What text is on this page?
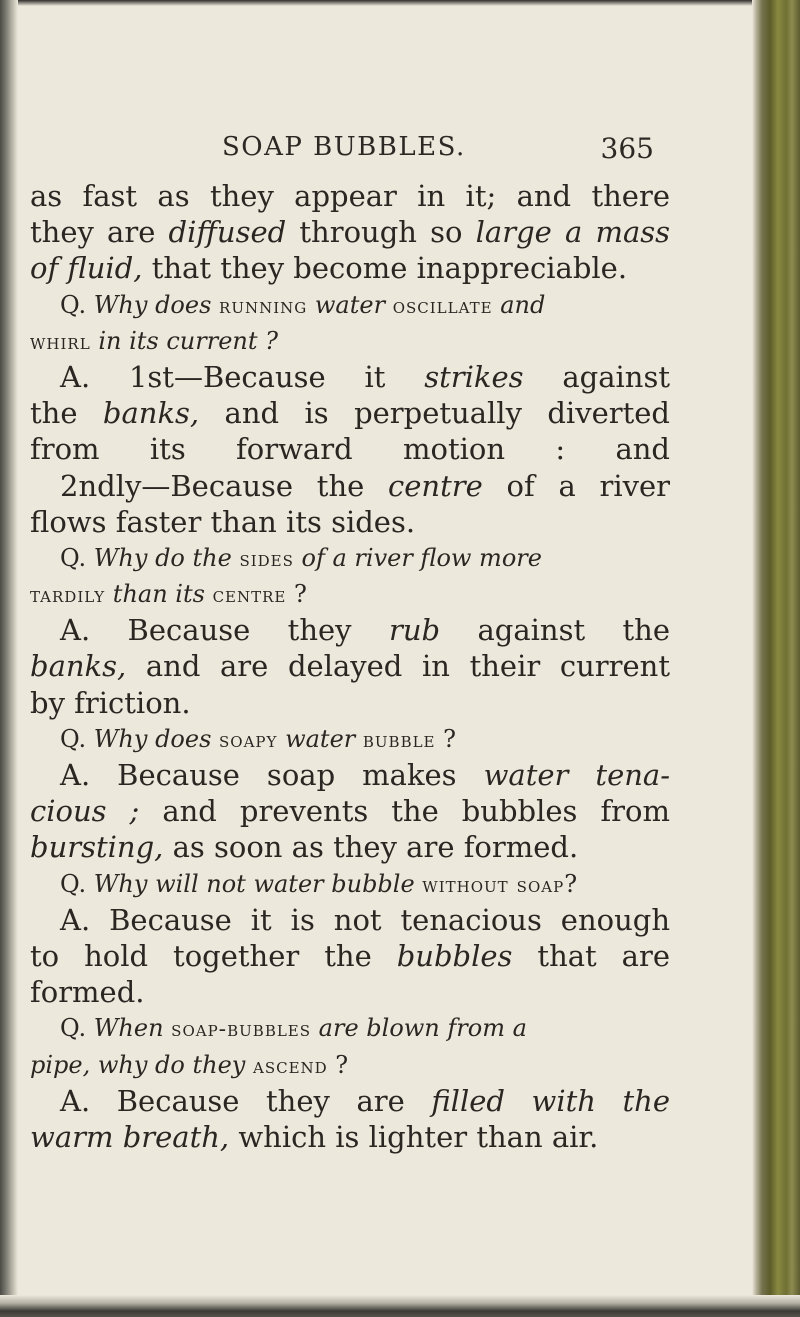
SOAP BUBBLES.	365
as fast as they appear in it; and there
they are diffused through so large a mass
of fluid, that they become inappreciable.
Q. Why does running water oscillate and
whirl in its current ?
A. 1st—Because it strikes against
the banks, and is perpetually diverted
from its forward motion : and
2ndly—Because the centre of a river
flows faster than its sides.
Q. Why do the sides of a river flow more
tardily than its centre ?
A. Because they rub against the
banks, and are delayed in their current
by friction.
Q. Why does soapy water bubble ?
A. Because soap makes water tena-
cious ; and prevents the bubbles from
bursting, as soon as they are formed.
Q. Why will not water bubble without soap?
A. Because it is not tenacious enough
to hold together the bubbles that are
formed.
Q. When soap-bubbles are blown from a
pipe, why do they ascend ?
A. Because they are filled with the
warm breath, which is lighter than air.
